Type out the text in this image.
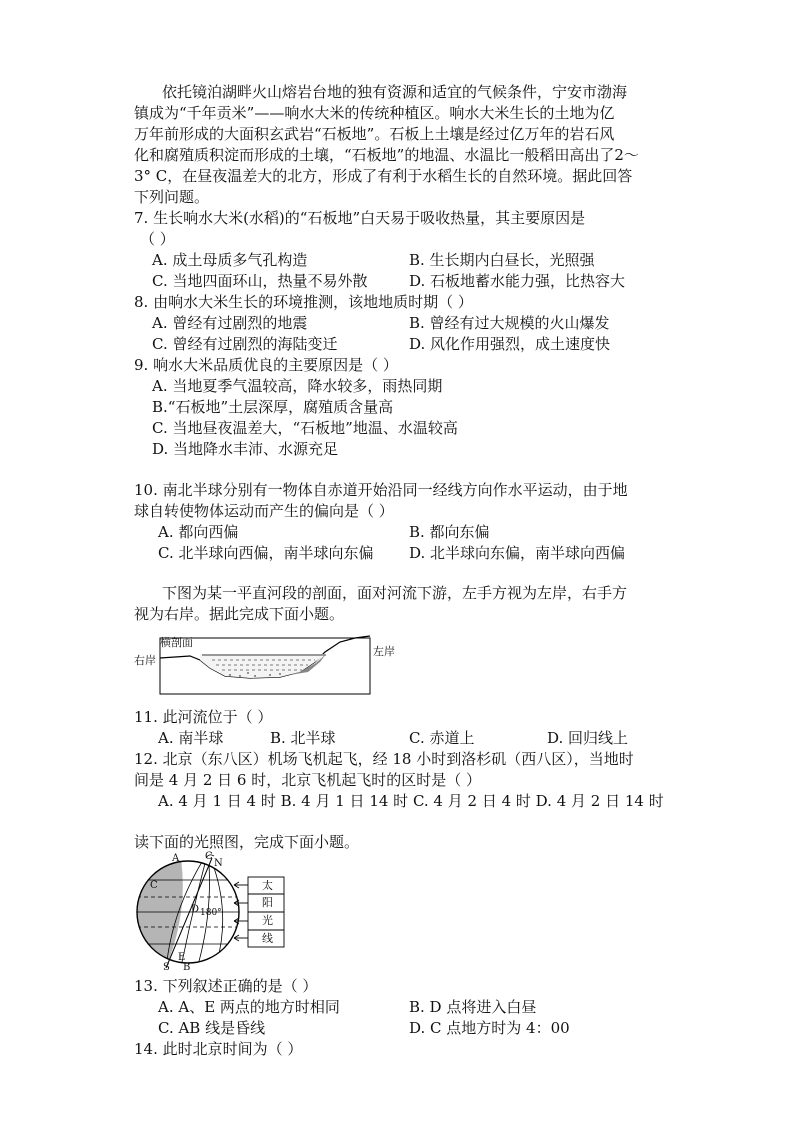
依托镜泊湖畔火山熔岩台地的独有资源和适宜的气候条件，宁安市渤海
镇成为“千年贡米”——响水大米的传统种植区。响水大米生长的土地为亿
万年前形成的大面积玄武岩“石板地”。石板上土壤是经过亿万年的岩石风
化和腐殖质积淀而形成的土壤，“石板地”的地温、水温比一般稻田高出了2～
3° C，在昼夜温差大的北方，形成了有利于水稻生长的自然环境。据此回答
下列问题。
7. 生长响水大米(水稻)的“石板地”白天易于吸收热量，其主要原因是
（ ）
A. 成土母质多气孔构造	B. 生长期内白昼长，光照强
C. 当地四面环山，热量不易外散	D. 石板地蓄水能力强，比热容大
8. 由响水大米生长的环境推测，该地地质时期（ ）
A. 曾经有过剧烈的地震	B. 曾经有过大规模的火山爆发
C. 曾经有过剧烈的海陆变迁	D. 风化作用强烈，成土速度快
9. 响水大米品质优良的主要原因是（ ）
A. 当地夏季气温较高，降水较多，雨热同期
B.“石板地”土层深厚，腐殖质含量高
C. 当地昼夜温差大，“石板地”地温、水温较高
D. 当地降水丰沛、水源充足
10. 南北半球分别有一物体自赤道开始沿同一经线方向作水平运动，由于地
球自转使物体运动而产生的偏向是（ ）
A. 都向西偏	B. 都向东偏
C. 北半球向西偏，南半球向东偏 D. 北半球向东偏，南半球向西偏
下图为某一平直河段的剖面，面对河流下游，左手方视为左岸，右手方
视为右岸。据此完成下面小题。
横剖面
右岸
左岸
11. 此河流位于（ ）
A. 南半球	B. 北半球	C. 赤道上	D. 回归线上
12. 北京（东八区）机场飞机起飞，经 18 小时到洛杉矶（西八区），当地时
间是 4 月 2 日 6 时，北京飞机起飞时的区时是（ ）
A. 4 月 1 日 4 时 B. 4 月 1 日 14 时 C. 4 月 2 日 4 时 D. 4 月 2 日 14 时
读下面的光照图，完成下面小题。
A	C
N
C
D 180°
E
S B
太
阳
光
线
13. 下列叙述正确的是（ ）
A. A、E 两点的地方时相同	B. D 点将进入白昼
C. AB 线是昏线	D. C 点地方时为 4：00
14. 此时北京时间为（ ）
